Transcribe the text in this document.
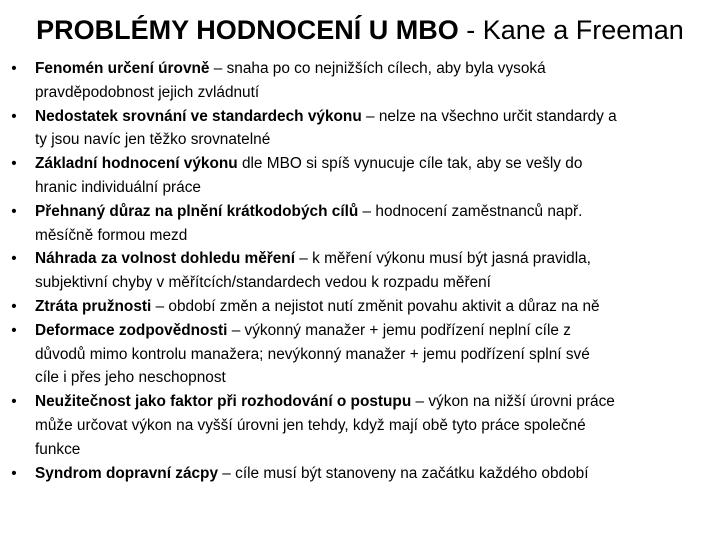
PROBLÉMY HODNOCENÍ U MBO - Kane a Freeman
• Fenomén určení úrovně – snaha po co nejnižších cílech, aby byla vysoká
pravděpodobnost jejich zvládnutí
• Nedostatek srovnání ve standardech výkonu – nelze na všechno určit standardy a
ty jsou navíc jen těžko srovnatelné
• Základní hodnocení výkonu dle MBO si spíš vynucuje cíle tak, aby se vešly do
hranic individuální práce
• Přehnaný důraz na plnění krátkodobých cílů – hodnocení zaměstnanců např.
měsíčně formou mezd
• Náhrada za volnost dohledu měření – k měření výkonu musí být jasná pravidla,
subjektivní chyby v měřítcích/standardech vedou k rozpadu měření
• Ztráta pružnosti – období změn a nejistot nutí změnit povahu aktivit a důraz na ně
• Deformace zodpovědnosti – výkonný manažer + jemu podřízení neplní cíle z
důvodů mimo kontrolu manažera; nevýkonný manažer + jemu podřízení splní své
cíle i přes jeho neschopnost
• Neužitečnost jako faktor při rozhodování o postupu – výkon na nižší úrovni práce
může určovat výkon na vyšší úrovni jen tehdy, když mají obě tyto práce společné
funkce
• Syndrom dopravní zácpy – cíle musí být stanoveny na začátku každého období
